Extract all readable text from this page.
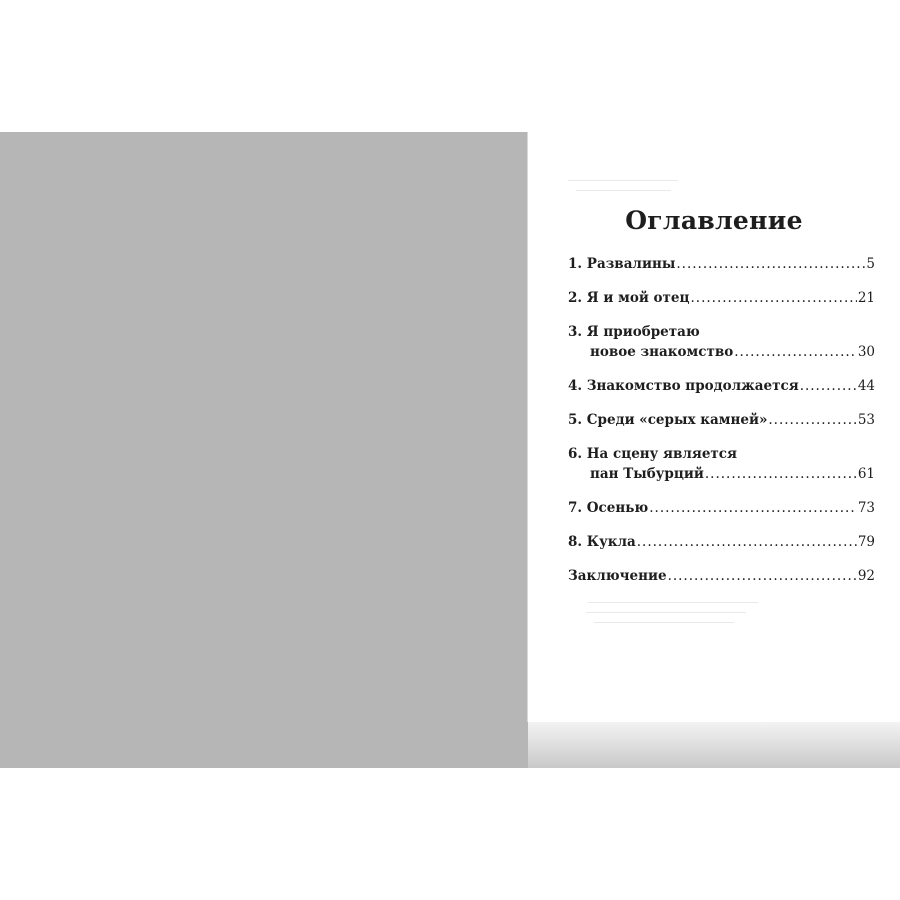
Оглавление
1. Развалины .....	5
2. Я и мой отец .....	21
3. Я приобретаю
новое знакомство .....	30
4. Знакомство продолжается .....	44
5. Среди «серых камней» .....	53
6. На сцену является
пан Тыбурций .....	61
7. Осенью .....	73
8. Кукла .....	79
Заключение .....	92
